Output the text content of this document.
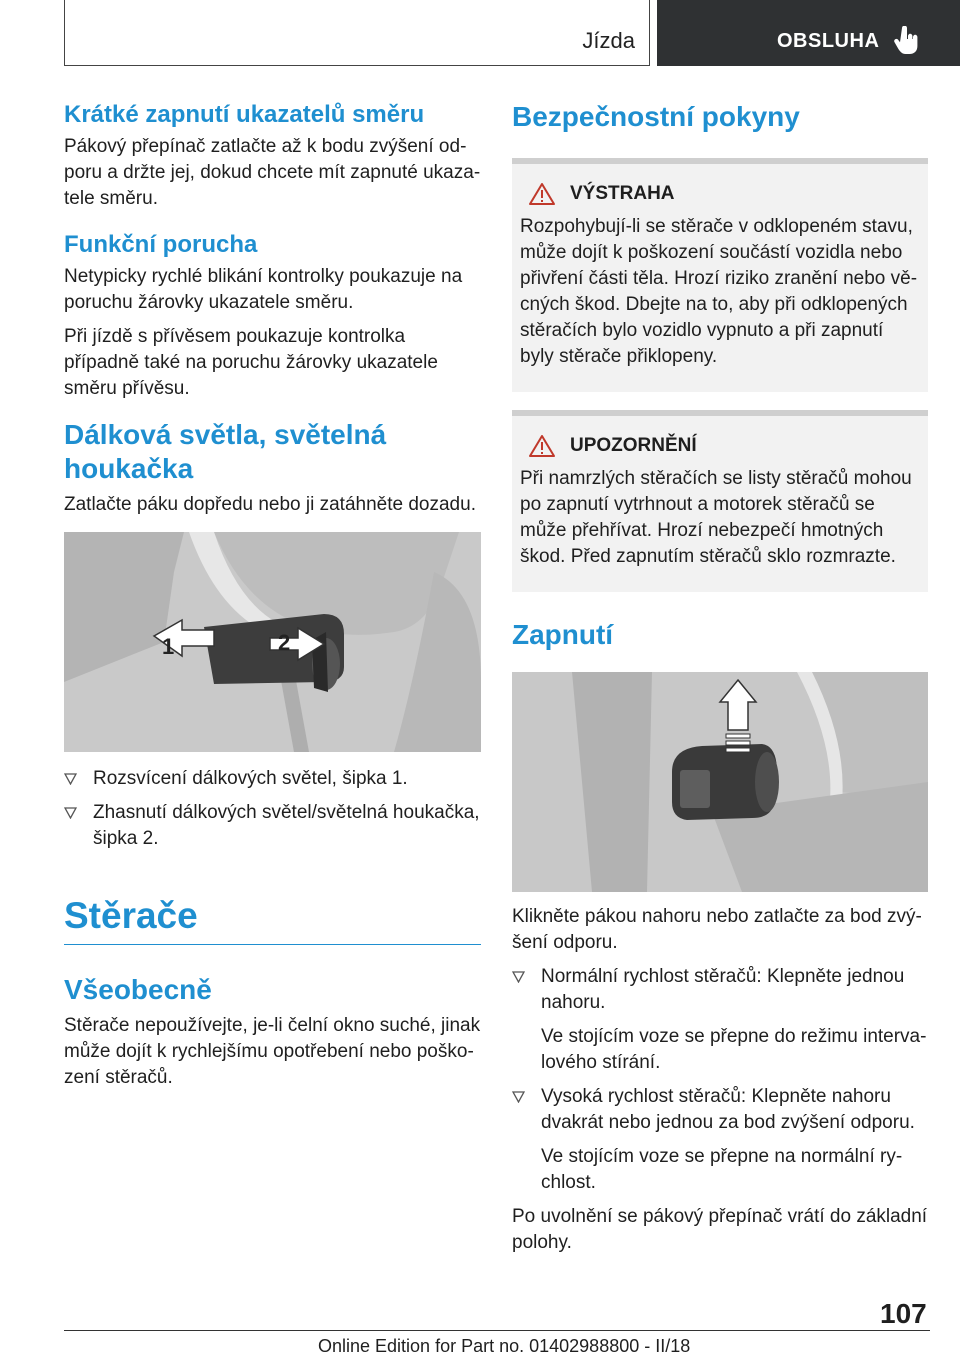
Jízda	OBSLUHA
Krátké zapnutí ukazatelů směru

Pákový přepínač zatlačte až k bodu zvýšení odporu a držte jej, dokud chcete mít zapnuté ukazatele směru.

Funkční porucha

Netypicky rychlé blikání kontrolky poukazuje na poruchu žárovky ukazatele směru.

Při jízdě s přívěsem poukazuje kontrolka případně také na poruchu žárovky ukazatele směru přívěsu.

Dálková světla, světelná houkačka

Zatlačte páku dopředu nebo ji zatáhněte dozadu.

1	2
Rozsvícení dálkových světel, šipka 1.
Zhasnutí dálkových světel/světelná houkačka, šipka 2.
Stěrače
Všeobecně

Stěrače nepoužívejte, je-li čelní okno suché, jinak může dojít k rychlejšímu opotřebení nebo poškození stěračů.

Bezpečnostní pokyny
VÝSTRAHA

Rozpohybují-li se stěrače v odklopeném stavu, může dojít k poškození součástí vozidla nebo přivření části těla. Hrozí riziko zranění nebo věcných škod. Dbejte na to, aby při odklopených stěračích bylo vozidlo vypnuto a při zapnutí byly stěrače přiklopeny.

UPOZORNĚNÍ

Při namrzlých stěračích se listy stěračů mohou po zapnutí vytrhnout a motorek stěračů se může přehřívat. Hrozí nebezpečí hmotných škod. Před zapnutím stěračů sklo rozmrazte.

Zapnutí

Klikněte pákou nahoru nebo zatlačte za bod zvýšení odporu.

Normální rychlost stěračů: Klepněte jednou nahoru.

Ve stojícím voze se přepne do režimu intervalového stírání.

Vysoká rychlost stěračů: Klepněte nahoru dvakrát nebo jednou za bod zvýšení odporu.

Ve stojícím voze se přepne na normální rychlost.

Po uvolnění se pákový přepínač vrátí do základní polohy.

107
Online Edition for Part no. 01402988800 - II/18
